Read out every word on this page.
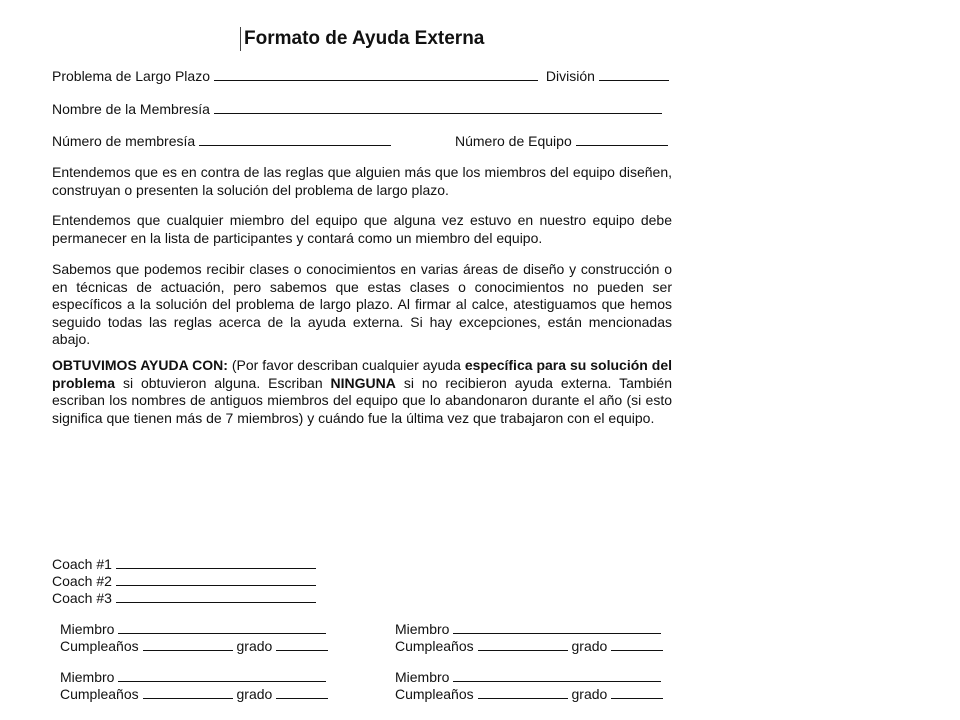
Formato de Ayuda Externa
Problema de Largo Plazo	División
Nombre de la Membresía
Número de membresía	Número de Equipo

Entendemos que es en contra de las reglas que alguien más que los miembros del equipo diseñen, construyan o presenten la solución del problema de largo plazo.

Entendemos que cualquier miembro del equipo que alguna vez estuvo en nuestro equipo debe permanecer en la lista de participantes y contará como un miembro del equipo.

Sabemos que podemos recibir clases o conocimientos en varias áreas de diseño y construcción o en técnicas de actuación, pero sabemos que estas clases o conocimientos no pueden ser específicos a la solución del problema de largo plazo. Al firmar al calce, atestiguamos que hemos seguido todas las reglas acerca de la ayuda externa. Si hay excepciones, están mencionadas abajo.

OBTUVIMOS AYUDA CON: (Por favor describan cualquier ayuda específica para su solución del problema si obtuvieron alguna. Escriban NINGUNA si no recibieron ayuda externa. También escriban los nombres de antiguos miembros del equipo que lo abandonaron durante el año (si esto significa que tienen más de 7 miembros) y cuándo fue la última vez que trabajaron con el equipo.

Coach #1
Coach #2
Coach #3
Miembro
Cumpleaños	grado
Miembro
Cumpleaños	grado
Miembro
Cumpleaños	grado
Miembro
Cumpleaños	grado
